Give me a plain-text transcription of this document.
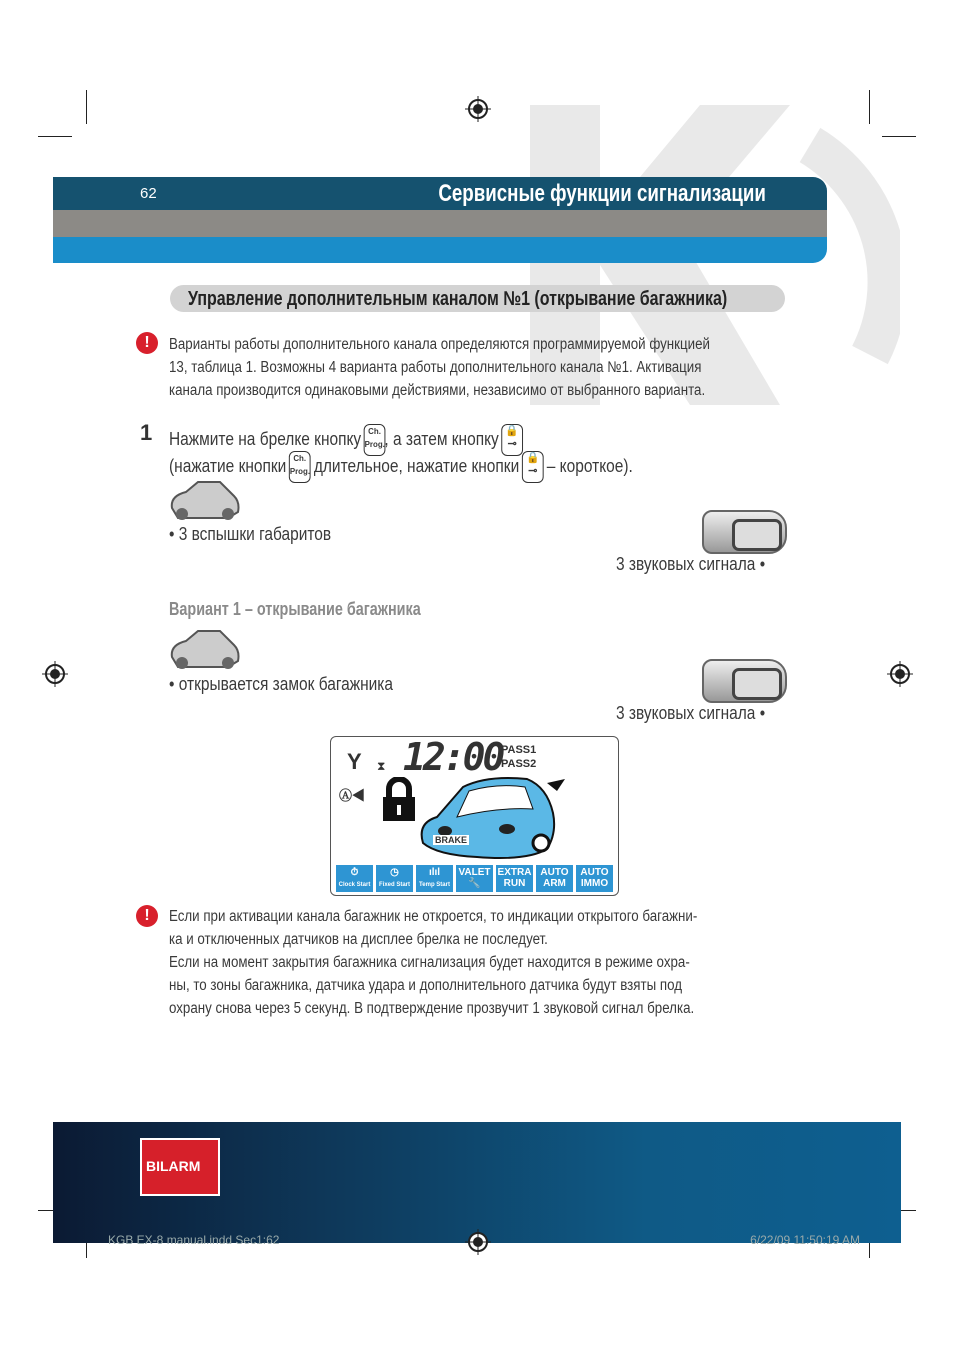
62	Сервисные функции сигнализации
Управление дополнительным каналом №1 (открывание багажника)
!	Варианты работы дополнительного канала определяются программируемой функцией
13, таблица 1. Возможны 4 варианта работы дополнительного канала №1. Активация
канала производится одинаковыми действиями, независимо от выбранного варианта.
1 Нажмите на брелке кнопку Ch.
Prog., а затем кнопку 🔒
⊸
(нажатие кнопки Ch.
Prog. длительное, нажатие кнопки 🔒
⊸ – короткое).
• 3 вспышки габаритов
3 звуковых сигнала •
Вариант 1 – открывание багажника
• открывается замок багажника
3 звуковых сигнала •
Y ⧗ 12:00
PASS1
PASS2
Ⓐ◀
BRAKE
⏱
Clock Start
◷
Fixed Start
ılıl
Temp Start
VALET
🔧
EXTRA
RUN
AUTO
ARM
AUTO
IMMO
!	Если при активации канала багажник не откроется, то индикации открытого багажни-
ка и отключенных датчиков на дисплее брелка не последует.
Если на момент закрытия багажника сигнализация будет находится в режиме охра-
ны, то зоны багажника, датчика удара и дополнительного датчика будут взяты под
охрану снова через 5 секунд. В подтверждение прозвучит 1 звуковой сигнал брелка.
BILARM
KGB EX-8 manual.indd Sec1:62	6/22/09 11:50:19 AM
